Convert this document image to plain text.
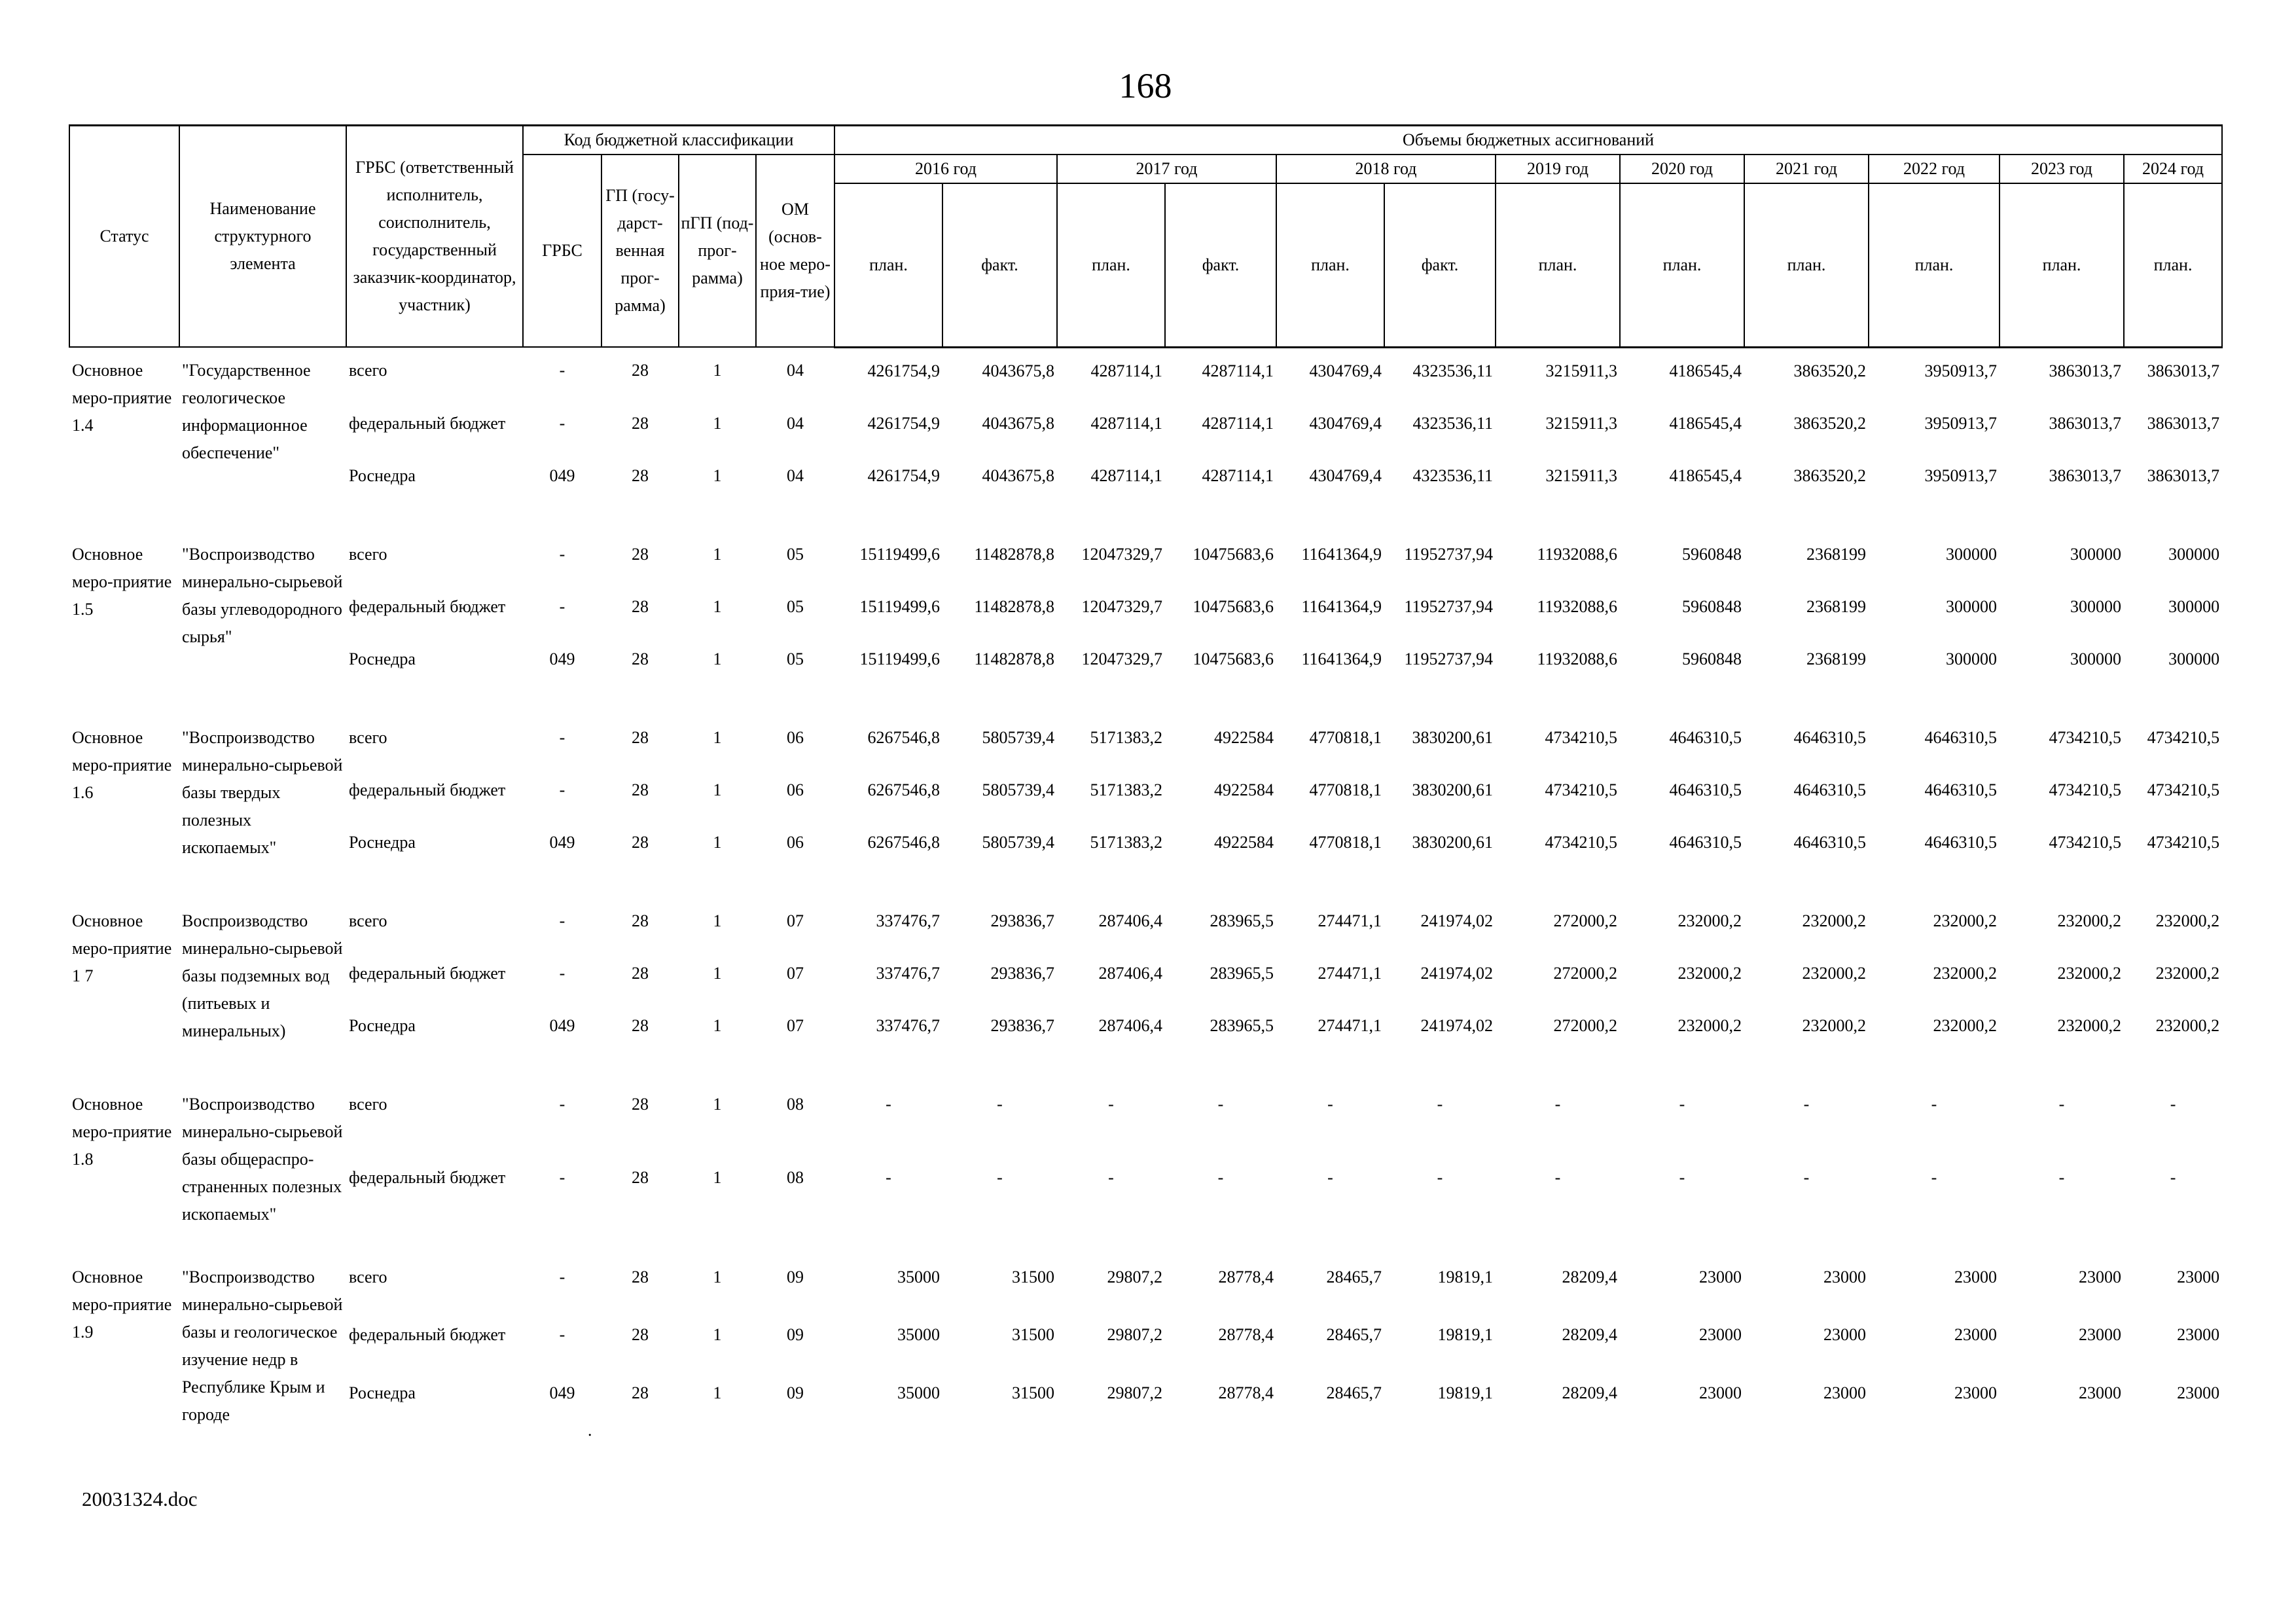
168
Статус	Наименование структурного элемента	ГРБС (ответственный исполнитель, соисполнитель, государственный заказчик-координатор, участник)	Код бюджетной классификации				Объемы бюджетных ассигнований											
			ГРБС	ГП (госу-дарст-венная прог-рамма)	пГП (под-прог-рамма)	ОМ (основ-ное меро-прия-тие)	2016 год		2017 год		2018 год		2019 год	2020 год	2021 год	2022 год	2023 год	2024 год
							план.	факт.	план.	факт.	план.	факт.	план.	план.	план.	план.	план.	план.
Основное меро-приятие 1.4	"Государственное геологическое информационное обеспечение"	всего	-	28	1	04	4261754,9	4043675,8	4287114,1	4287114,1	4304769,4	4323536,11	3215911,3	4186545,4	3863520,2	3950913,7	3863013,7	3863013,7
		федеральный бюджет	-	28	1	04	4261754,9	4043675,8	4287114,1	4287114,1	4304769,4	4323536,11	3215911,3	4186545,4	3863520,2	3950913,7	3863013,7	3863013,7
		Роснедра	049	28	1	04	4261754,9	4043675,8	4287114,1	4287114,1	4304769,4	4323536,11	3215911,3	4186545,4	3863520,2	3950913,7	3863013,7	3863013,7

Основное меро-приятие 1.5	"Воспроизводство минерально-сырьевой базы углеводородного сырья"	всего	-	28	1	05	15119499,6	11482878,8	12047329,7	10475683,6	11641364,9	11952737,94	11932088,6	5960848	2368199	300000	300000	300000
		федеральный бюджет	-	28	1	05	15119499,6	11482878,8	12047329,7	10475683,6	11641364,9	11952737,94	11932088,6	5960848	2368199	300000	300000	300000
		Роснедра	049	28	1	05	15119499,6	11482878,8	12047329,7	10475683,6	11641364,9	11952737,94	11932088,6	5960848	2368199	300000	300000	300000

Основное меро-приятие 1.6	"Воспроизводство минерально-сырьевой базы твердых полезных ископаемых"	всего	-	28	1	06	6267546,8	5805739,4	5171383,2	4922584	4770818,1	3830200,61	4734210,5	4646310,5	4646310,5	4646310,5	4734210,5	4734210,5
		федеральный бюджет	-	28	1	06	6267546,8	5805739,4	5171383,2	4922584	4770818,1	3830200,61	4734210,5	4646310,5	4646310,5	4646310,5	4734210,5	4734210,5
		Роснедра	049	28	1	06	6267546,8	5805739,4	5171383,2	4922584	4770818,1	3830200,61	4734210,5	4646310,5	4646310,5	4646310,5	4734210,5	4734210,5

Основное меро-приятие 1 7	Воспроизводство минерально-сырьевой базы подземных вод (питьевых и минеральных)	всего	-	28	1	07	337476,7	293836,7	287406,4	283965,5	274471,1	241974,02	272000,2	232000,2	232000,2	232000,2	232000,2	232000,2
		федеральный бюджет	-	28	1	07	337476,7	293836,7	287406,4	283965,5	274471,1	241974,02	272000,2	232000,2	232000,2	232000,2	232000,2	232000,2
		Роснедра	049	28	1	07	337476,7	293836,7	287406,4	283965,5	274471,1	241974,02	272000,2	232000,2	232000,2	232000,2	232000,2	232000,2

Основное меро-приятие 1.8	"Воспроизводство минерально-сырьевой базы общераспро-страненных полезных ископаемых"	всего	-	28	1	08	-	-	-	-	-	-	-	-	-	-	-	-
		федеральный бюджет	-	28	1	08	-	-	-	-	-	-	-	-	-	-	-	-

Основное меро-приятие 1.9	"Воспроизводство минерально-сырьевой базы и геологическое изучение недр в Республике Крым и городе	всего	-	28	1	09	35000	31500	29807,2	28778,4	28465,7	19819,1	28209,4	23000	23000	23000	23000	23000
		федеральный бюджет	-	28	1	09	35000	31500	29807,2	28778,4	28465,7	19819,1	28209,4	23000	23000	23000	23000	23000
		Роснедра	049	28	1	09	35000	31500	29807,2	28778,4	28465,7	19819,1	28209,4	23000	23000	23000	23000	23000

.
20031324.doc
